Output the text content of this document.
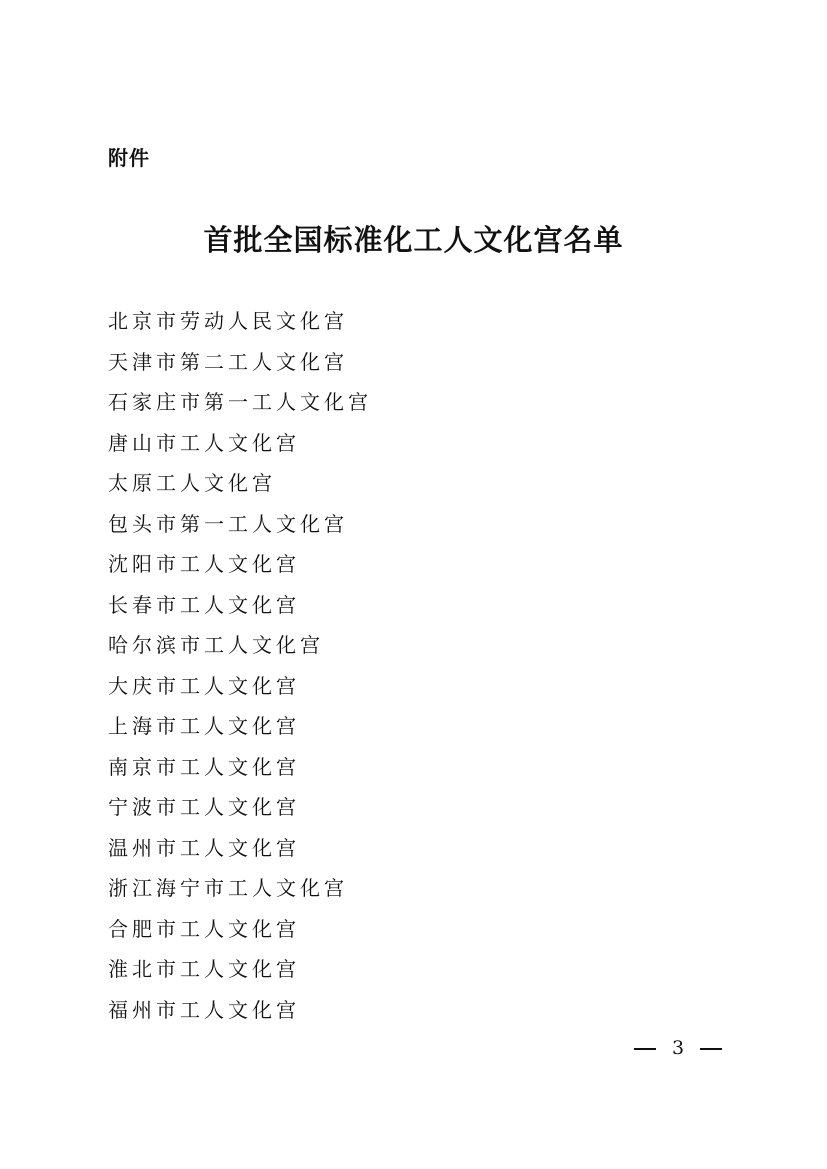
附件
首批全国标准化工人文化宫名单
北京市劳动人民文化宫
天津市第二工人文化宫
石家庄市第一工人文化宫
唐山市工人文化宫
太原工人文化宫
包头市第一工人文化宫
沈阳市工人文化宫
长春市工人文化宫
哈尔滨市工人文化宫
大庆市工人文化宫
上海市工人文化宫
南京市工人文化宫
宁波市工人文化宫
温州市工人文化宫
浙江海宁市工人文化宫
合肥市工人文化宫
淮北市工人文化宫
福州市工人文化宫
3
